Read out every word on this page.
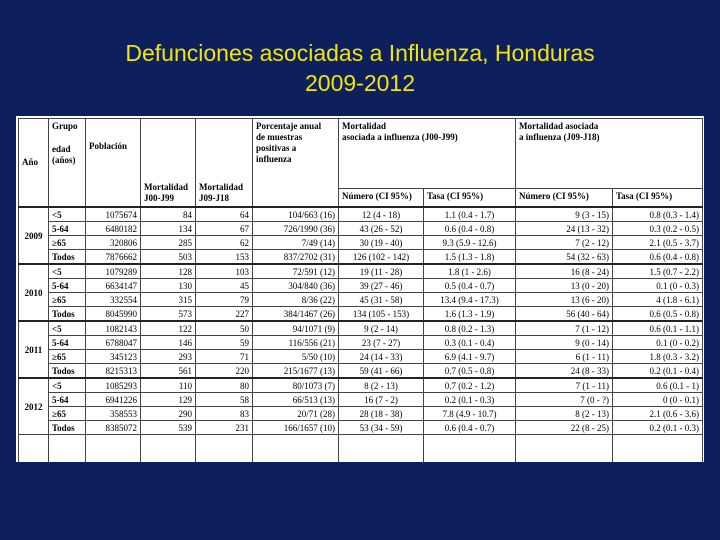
Defunciones asociadas a Influenza, Honduras
2009-2012
Año	Grupo
edad
(años)	Población	Mortalidad
J00-J99	Mortalidad
J09-J18	Porcentaje anual
de muestras
positivas a
influenza	Mortalidad
asociada a influenza (J00-J99)		Mortalidad asociada
a influenza (J09-J18)	

						Número (CI 95%)	Tasa (CI 95%)	Número (CI 95%)	Tasa (CI 95%)
2009	<5	1075674	84	64	104/663 (16)	12 (4 - 18)	1.1 (0.4 - 1.7)	9 (3 - 15)	0.8 (0.3 - 1.4)
	5-64	6480182	134	67	726/1990 (36)	43 (26 - 52)	0.6 (0.4 - 0.8)	24 (13 - 32)	0.3 (0.2 - 0.5)
	≥65	320806	285	62	7/49 (14)	30 (19 - 40)	9.3 (5.9 - 12.6)	7 (2 - 12)	2.1 (0.5 - 3.7)
	Todos	7876662	503	153	837/2702 (31)	126 (102 - 142)	1.5 (1.3 - 1.8)	54 (32 - 63)	0.6 (0.4 - 0.8)
2010	<5	1079289	128	103	72/591 (12)	19 (11 - 28)	1.8 (1 - 2.6)	16 (8 - 24)	1.5 (0.7 - 2.2)
	5-64	6634147	130	45	304/840 (36)	39 (27 - 46)	0.5 (0.4 - 0.7)	13 (0 - 20)	0.1 (0 - 0.3)
	≥65	332554	315	79	8/36 (22)	45 (31 - 58)	13.4 (9.4 - 17.3)	13 (6 - 20)	4 (1.8 - 6.1)
	Todos	8045990	573	227	384/1467 (26)	134 (105 - 153)	1.6 (1.3 - 1.9)	56 (40 - 64)	0.6 (0.5 - 0.8)
2011	<5	1082143	122	50	94/1071 (9)	9 (2 - 14)	0.8 (0.2 - 1.3)	7 (1 - 12)	0.6 (0.1 - 1.1)
	5-64	6788047	146	59	116/556 (21)	23 (7 - 27)	0.3 (0.1 - 0.4)	9 (0 - 14)	0.1 (0 - 0.2)
	≥65	345123	293	71	5/50 (10)	24 (14 - 33)	6.9 (4.1 - 9.7)	6 (1 - 11)	1.8 (0.3 - 3.2)
	Todos	8215313	561	220	215/1677 (13)	59 (41 - 66)	0.7 (0.5 - 0.8)	24 (8 - 33)	0.2 (0.1 - 0.4)
2012	<5	1085293	110	80	80/1073 (7)	8 (2 - 13)	0.7 (0.2 - 1.2)	7 (1 - 11)	0.6 (0.1 - 1)
	5-64	6941226	129	58	66/513 (13)	16 (7 - 2)	0.2 (0.1 - 0.3)	7 (0 - ?)	0 (0 - 0.1)
	≥65	358553	290	83	20/71 (28)	28 (18 - 38)	7.8 (4.9 - 10.7)	8 (2 - 13)	2.1 (0.6 - 3.6)
	Todos	8385072	539	231	166/1657 (10)	53 (34 - 59)	0.6 (0.4 - 0.7)	22 (8 - 25)	0.2 (0.1 - 0.3)
